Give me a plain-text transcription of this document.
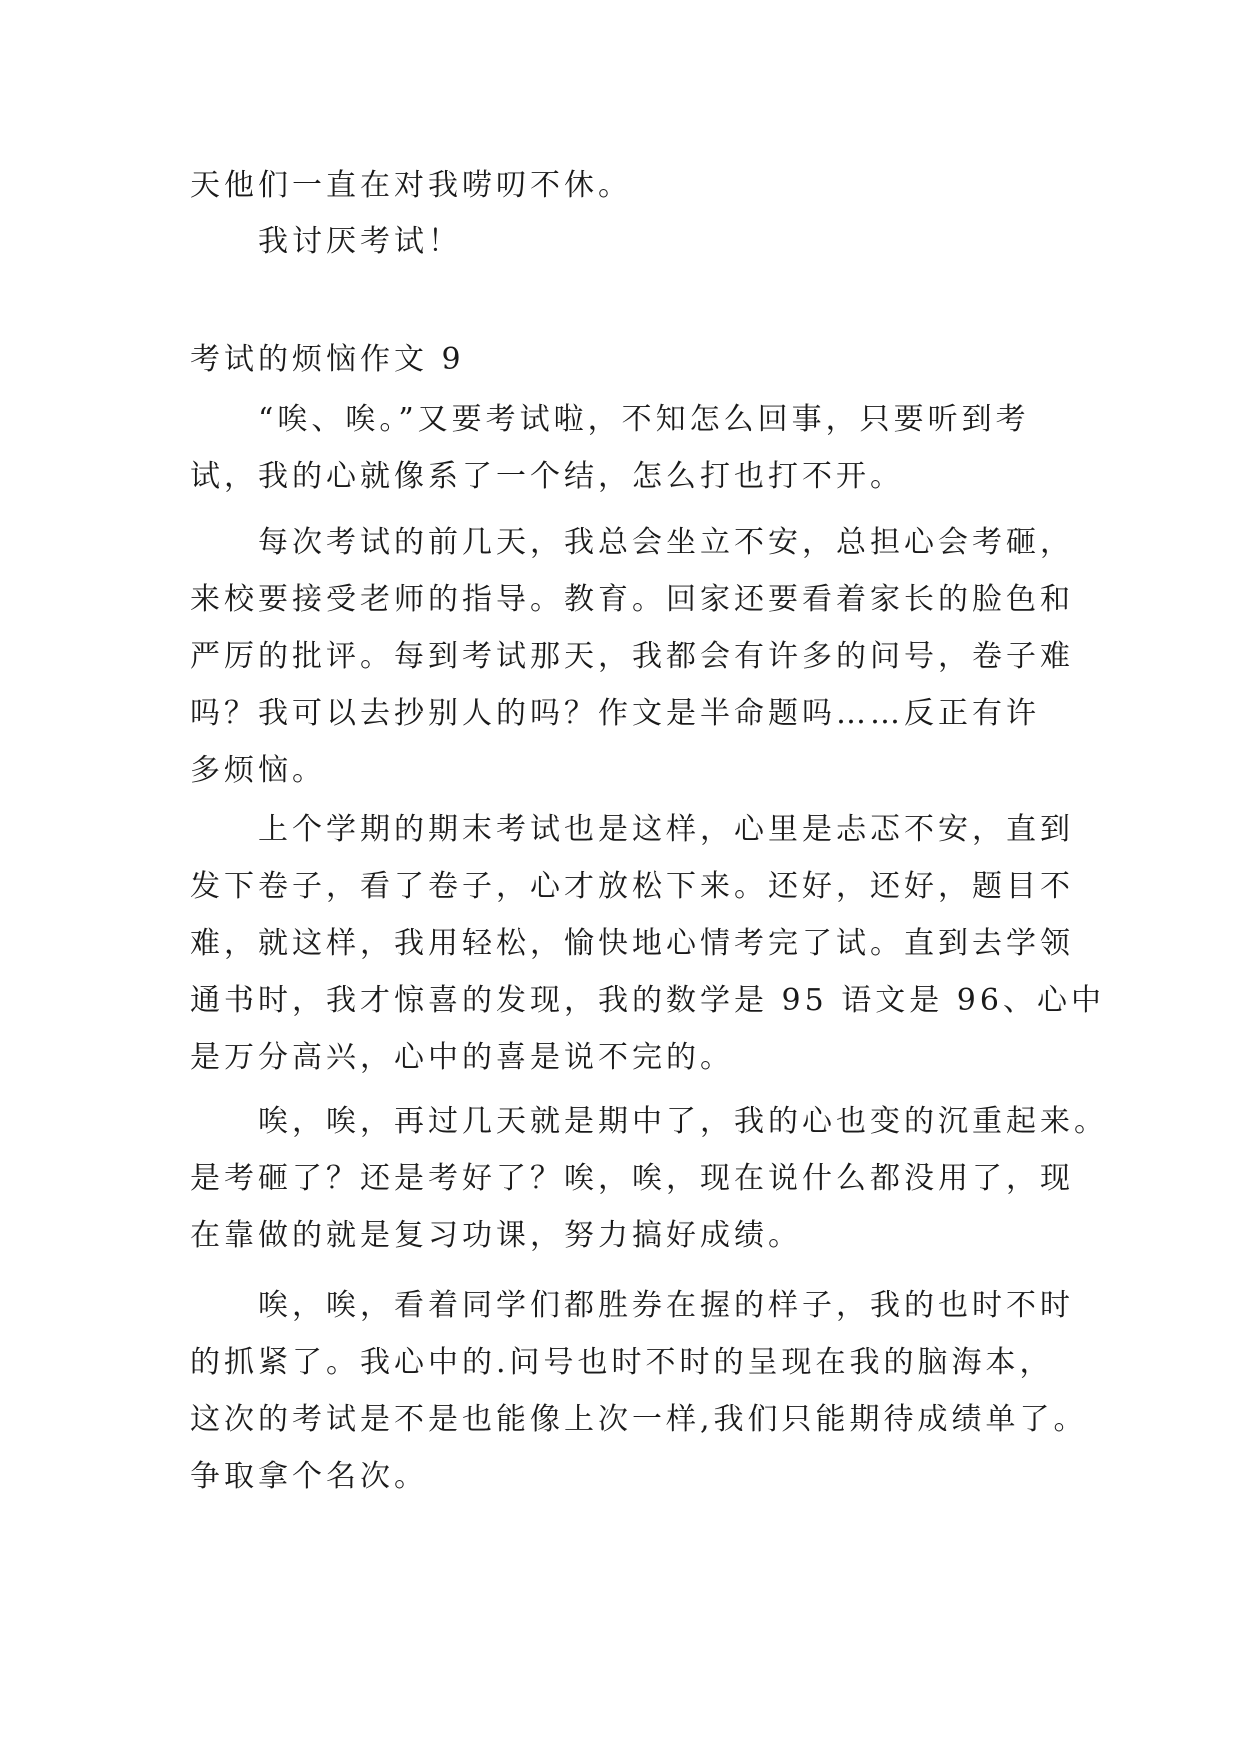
天他们一直在对我唠叨不休。
我讨厌考试！
考试的烦恼作文 9
“唉、唉。”又要考试啦，不知怎么回事，只要听到考
试，我的心就像系了一个结，怎么打也打不开。
每次考试的前几天，我总会坐立不安，总担心会考砸，
来校要接受老师的指导。教育。回家还要看着家长的脸色和
严厉的批评。每到考试那天，我都会有许多的问号，卷子难
吗？我可以去抄别人的吗？作文是半命题吗……反正有许
多烦恼。
上个学期的期末考试也是这样，心里是忐忑不安，直到
发下卷子，看了卷子，心才放松下来。还好，还好，题目不
难，就这样，我用轻松，愉快地心情考完了试。直到去学领
通书时，我才惊喜的发现，我的数学是 95 语文是 96、心中
是万分高兴，心中的喜是说不完的。
唉，唉，再过几天就是期中了，我的心也变的沉重起来。
是考砸了？还是考好了？唉，唉，现在说什么都没用了，现
在靠做的就是复习功课，努力搞好成绩。
唉，唉，看着同学们都胜券在握的样子，我的也时不时
的抓紧了。我心中的.问号也时不时的呈现在我的脑海本，
这次的考试是不是也能像上次一样,我们只能期待成绩单了。
争取拿个名次。
